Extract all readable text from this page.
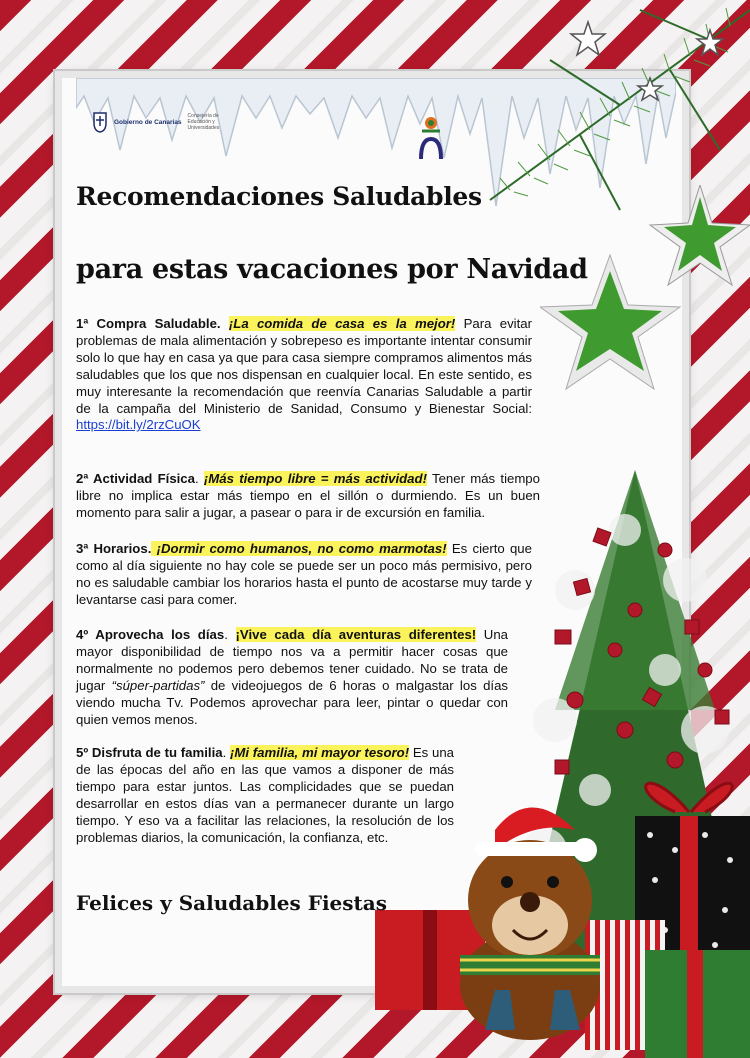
Gobierno de Canarias
Consejería de Educación y Universidades
Recomendaciones Saludables
para estas vacaciones por Navidad

1ª Compra Saludable. ¡La comida de casa es la mejor! Para evitar problemas de mala alimentación y sobrepeso es importante intentar consumir solo lo que hay en casa ya que para casa siempre compramos alimentos más saludables que los que nos dispensan en cualquier local. En este sentido, es muy interesante la recomendación que reenvía Canarias Saludable a partir de la campaña del Ministerio de Sanidad, Consumo y Bienestar Social: https://bit.ly/2rzCuOK

2ª Actividad Física. ¡Más tiempo libre = más actividad! Tener más tiempo libre no implica estar más tiempo en el sillón o durmiendo. Es un buen momento para salir a jugar, a pasear o para ir de excursión en familia.

3ª Horarios. ¡Dormir como humanos, no como marmotas! Es cierto que como al día siguiente no hay cole se puede ser un poco más permisivo, pero no es saludable cambiar los horarios hasta el punto de acostarse muy tarde y levantarse casi para comer.

4º Aprovecha los días. ¡Vive cada día aventuras diferentes! Una mayor disponibilidad de tiempo nos va a permitir hacer cosas que normalmente no podemos pero debemos tener cuidado. No se trata de jugar “súper-partidas” de videojuegos de 6 horas o malgastar los días viendo mucha Tv. Podemos aprovechar para leer, pintar o quedar con quien vemos menos.

5º Disfruta de tu familia. ¡Mi familia, mi mayor tesoro! Es una de las épocas del año en las que vamos a disponer de más tiempo para estar juntos. Las complicidades que se puedan desarrollar en estos días van a permanecer durante un largo tiempo. Y eso va a facilitar las relaciones, la resolución de los problemas diarios, la comunicación, la confianza, etc.

Felices y Saludables Fiestas
